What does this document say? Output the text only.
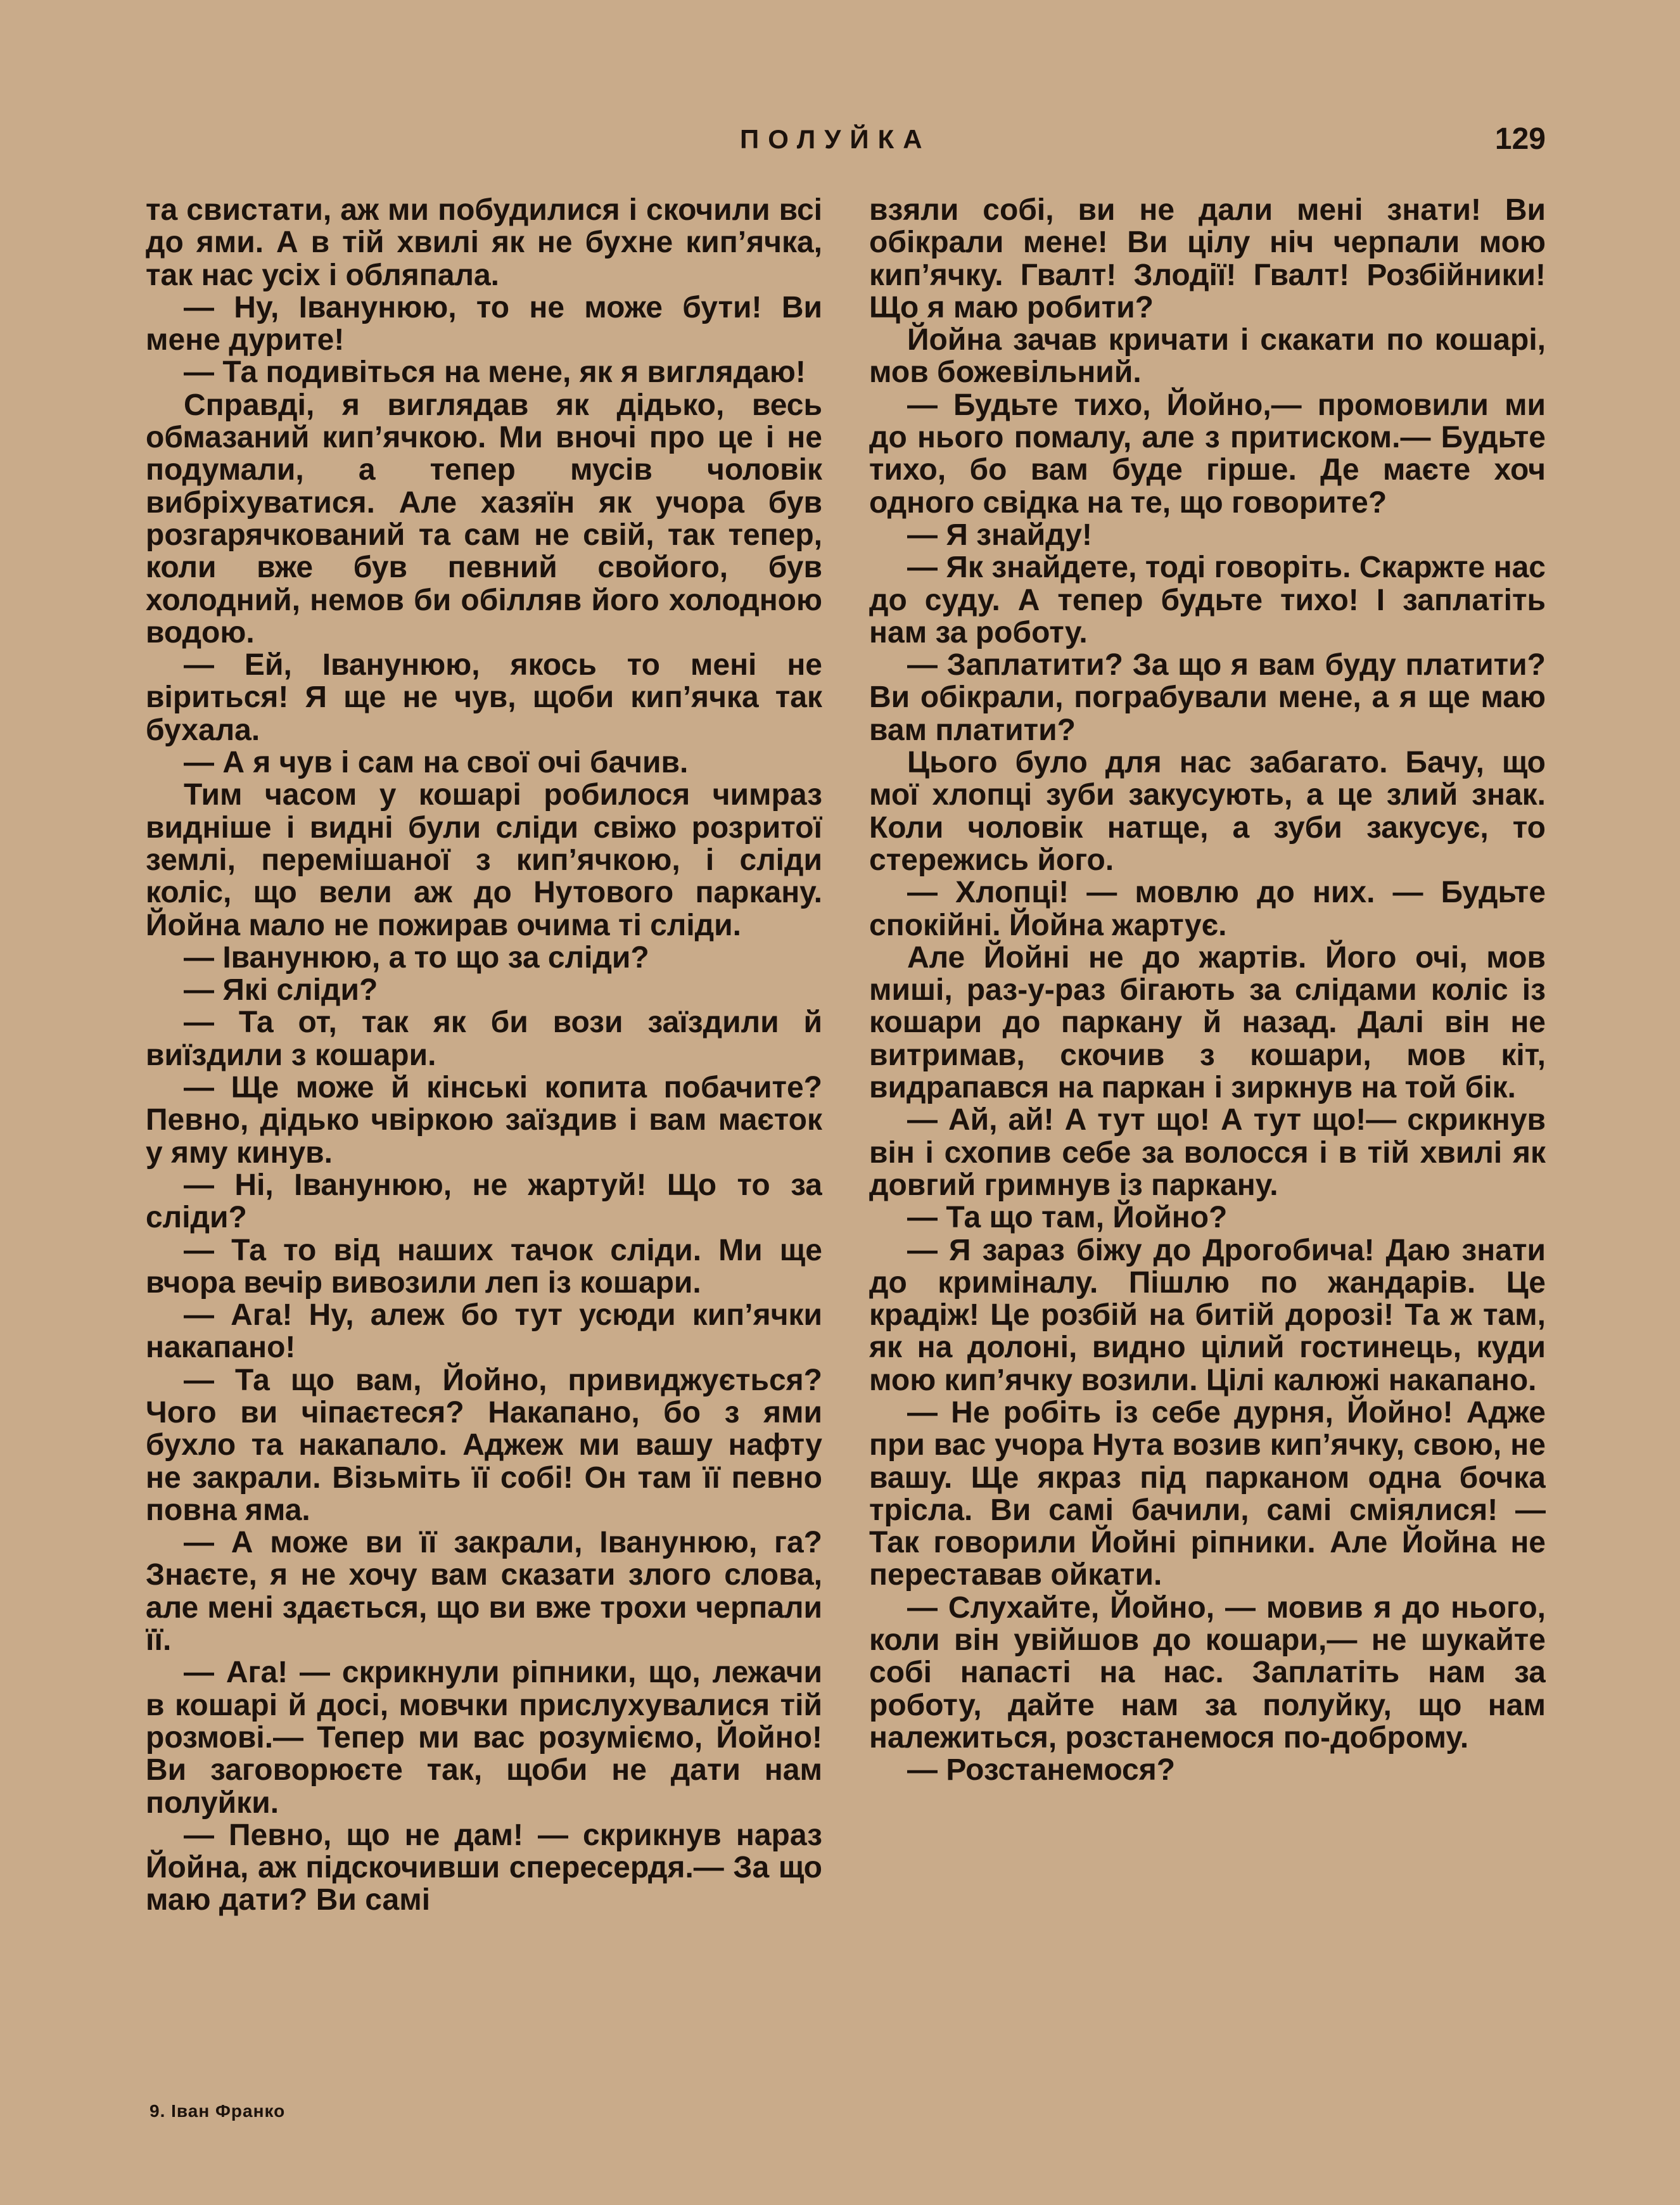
ПОЛУЙКА	129

та свистати, аж ми побудилися і скочили всі до ями. А в тій хвилі як не бухне кип’ячка, так нас усіх і обляпала.

— Ну, Іванунюю, то не може бути! Ви мене дурите!

— Та подивіться на мене, як я виглядаю!

Справді, я виглядав як дідько, весь обмазаний кип’ячкою. Ми вночі про це і не подумали, а тепер мусів чоловік вибріхуватися. Але хазяїн як учора був розгарячкований та сам не свій, так тепер, коли вже був певний свойого, був холодний, немов би обілляв його холодною водою.

— Ей, Іванунюю, якось то мені не віриться! Я ще не чув, щоби кип’ячка так бухала.

— А я чув і сам на свої очі бачив.

Тим часом у кошарі робилося чимраз видніше і видні були сліди свіжо розритої землі, перемішаної з кип’ячкою, і сліди коліс, що вели аж до Нутового паркану. Йойна мало не пожирав очима ті сліди.

— Іванунюю, а то що за сліди?

— Які сліди?

— Та от, так як би вози заїздили й виїздили з кошари.

— Ще може й кінські копита побачите? Певно, дідько чвіркою заїздив і вам маєток у яму кинув.

— Ні, Іванунюю, не жартуй! Що то за сліди?

— Та то від наших тачок сліди. Ми ще вчора вечір вивозили леп із кошари.

— Ага! Ну, алеж бо тут усюди кип’ячки накапано!

— Та що вам, Йойно, привиджується? Чого ви чіпаєтеся? Накапано, бо з ями бухло та накапало. Аджеж ми вашу нафту не закрали. Візьміть її собі! Он там її певно повна яма.

— А може ви її закрали, Іванунюю, га? Знаєте, я не хочу вам сказати злого слова, але мені здається, що ви вже трохи черпали її.

— Ага! — скрикнули ріпники, що, лежачи в кошарі й досі, мовчки прислухувалися тій розмові.— Тепер ми вас розуміємо, Йойно! Ви заговорюєте так, щоби не дати нам полуйки.

— Певно, що не дам! — скрикнув нараз Йойна, аж підскочивши спересердя.— За що маю дати? Ви самі

взяли собі, ви не дали мені знати! Ви обікрали мене! Ви цілу ніч черпали мою кип’ячку. Гвалт! Злодії! Гвалт! Розбійники! Що я маю робити?

Йойна зачав кричати і скакати по кошарі, мов божевільний.

— Будьте тихо, Йойно,— промовили ми до нього помалу, але з притиском.— Будьте тихо, бо вам буде гірше. Де маєте хоч одного свідка на те, що говорите?

— Я знайду!

— Як знайдете, тоді говоріть. Скаржте нас до суду. А тепер будьте тихо! І заплатіть нам за роботу.

— Заплатити? За що я вам буду платити? Ви обікрали, пограбували мене, а я ще маю вам платити?

Цього було для нас забагато. Бачу, що мої хлопці зуби закусують, а це злий знак. Коли чоловік натще, а зуби закусує, то стережись його.

— Хлопці! — мовлю до них. — Будьте спокійні. Йойна жартує.

Але Йойні не до жартів. Його очі, мов миші, раз-у-раз бігають за слідами коліс із кошари до паркану й назад. Далі він не витримав, скочив з кошари, мов кіт, видрапався на паркан і зиркнув на той бік.

— Ай, ай! А тут що! А тут що!— скрикнув він і схопив себе за волосся і в тій хвилі як довгий гримнув із паркану.

— Та що там, Йойно?

— Я зараз біжу до Дрогобича! Даю знати до криміналу. Пішлю по жандарів. Це крадіж! Це розбій на битій дорозі! Та ж там, як на долоні, видно цілий гостинець, куди мою кип’ячку возили. Цілі калюжі накапано.

— Не робіть із себе дурня, Йойно! Адже при вас учора Нута возив кип’ячку, свою, не вашу. Ще якраз під парканом одна бочка трісла. Ви самі бачили, самі сміялися! — Так говорили Йойні ріпники. Але Йойна не переставав ойкати.

— Слухайте, Йойно, — мовив я до нього, коли він увійшов до кошари,— не шукайте собі напасті на нас. Заплатіть нам за роботу, дайте нам за полуйку, що нам належиться, розстанемося по-доброму.

— Розстанемося?

9. Іван Франко
